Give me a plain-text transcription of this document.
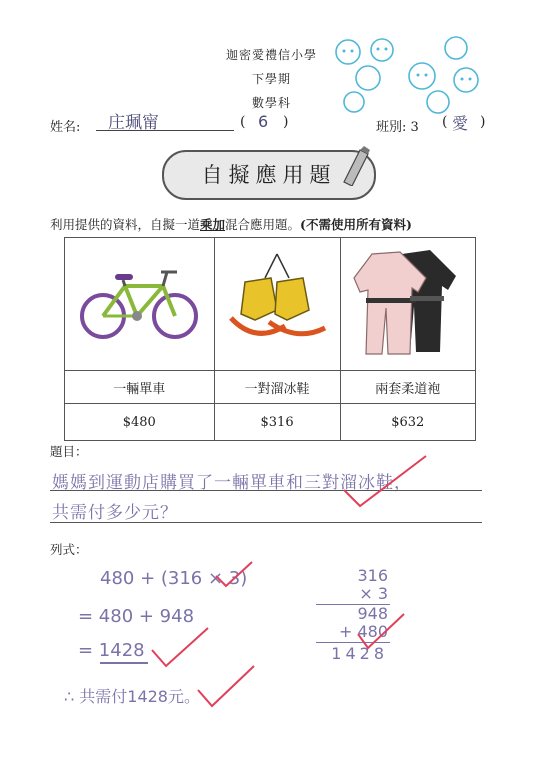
迦密愛禮信小學
下學期
數學科
姓名: 庄珮甯	( 6 )	班別: 3 ( 愛 )
自擬應用題
利用提供的資料，自擬一道乘加混合應用題。(不需使用所有資料)

一輛單車	一對溜冰鞋	兩套柔道袍
$480	$316	$632
題目：
媽媽到運動店購買了一輛單車和三對溜冰鞋，
共需付多少元？
列式：
480 + (316 × 3)
= 480 + 948
= 1428
∴ 共需付1428元。
316
× 3
948
+ 480
1428
